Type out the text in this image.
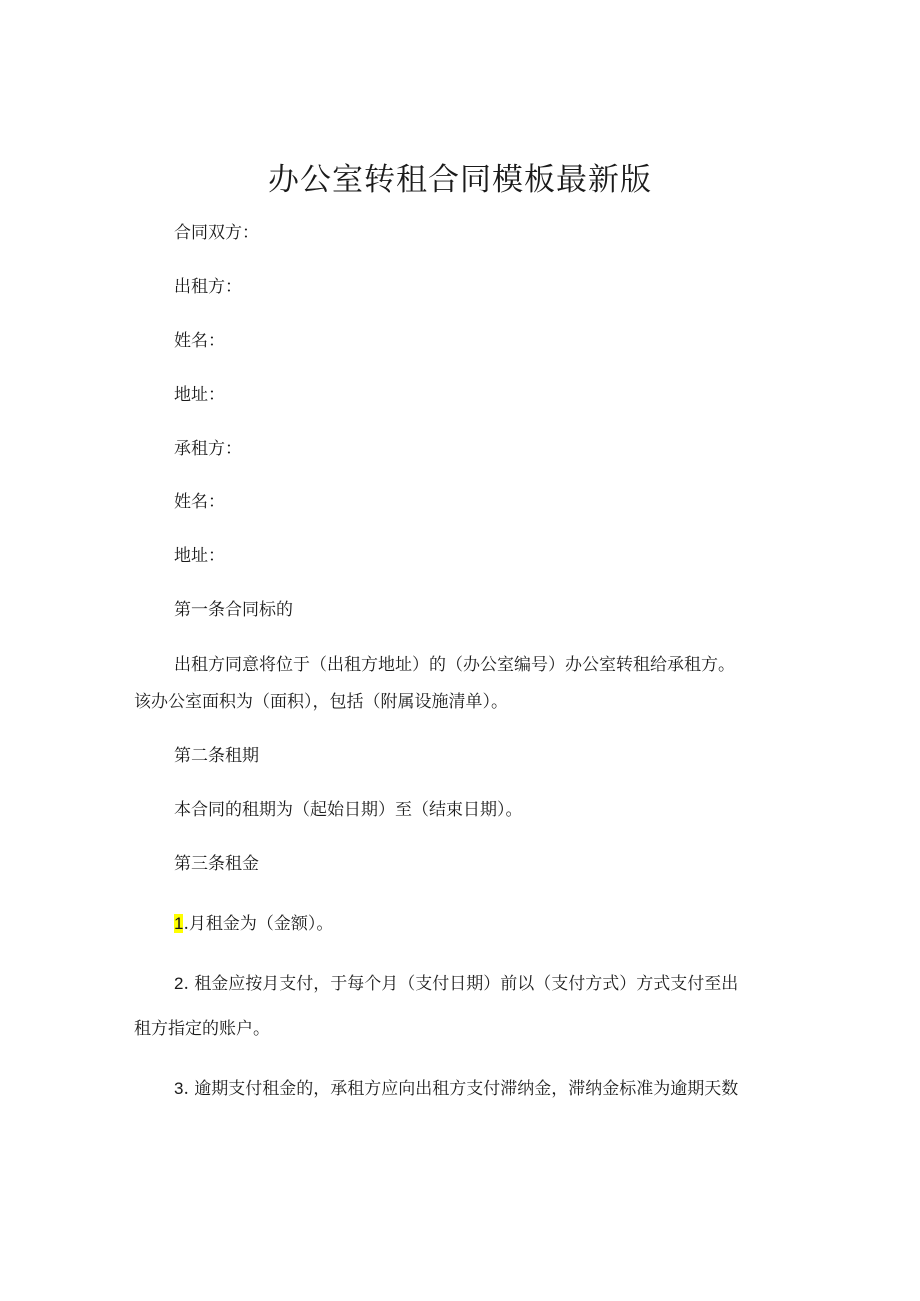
办公室转租合同模板最新版
合同双方：
出租方：
姓名：
地址：
承租方：
姓名：
地址：
第一条合同标的
出租方同意将位于（出租方地址）的（办公室编号）办公室转租给承租方。
该办公室面积为（面积），包括（附属设施清单）。
第二条租期
本合同的租期为（起始日期）至（结束日期）。
第三条租金
1.月租金为（金额）。
2. 租金应按月支付，于每个月（支付日期）前以（支付方式）方式支付至出
租方指定的账户。
3. 逾期支付租金的，承租方应向出租方支付滞纳金，滞纳金标准为逾期天数
